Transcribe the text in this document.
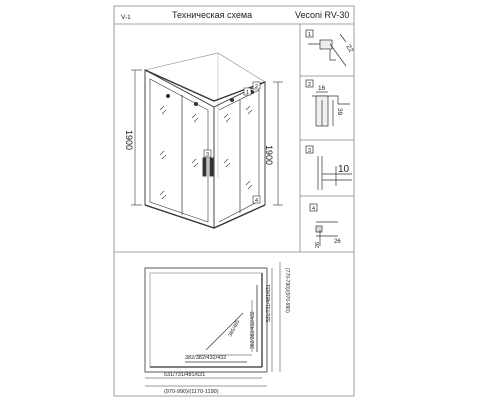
V-1	Техническая схема	Veconi RV-30
1900
1900
1
2
3
4
1
22
2 16
39
3
10
4
26
26
385/485
382/382/432/432
382/382/432/432
531/731/481/631 (770-790)/(970-990)
531/731/481/631
(970-990)/(1170-1190)
